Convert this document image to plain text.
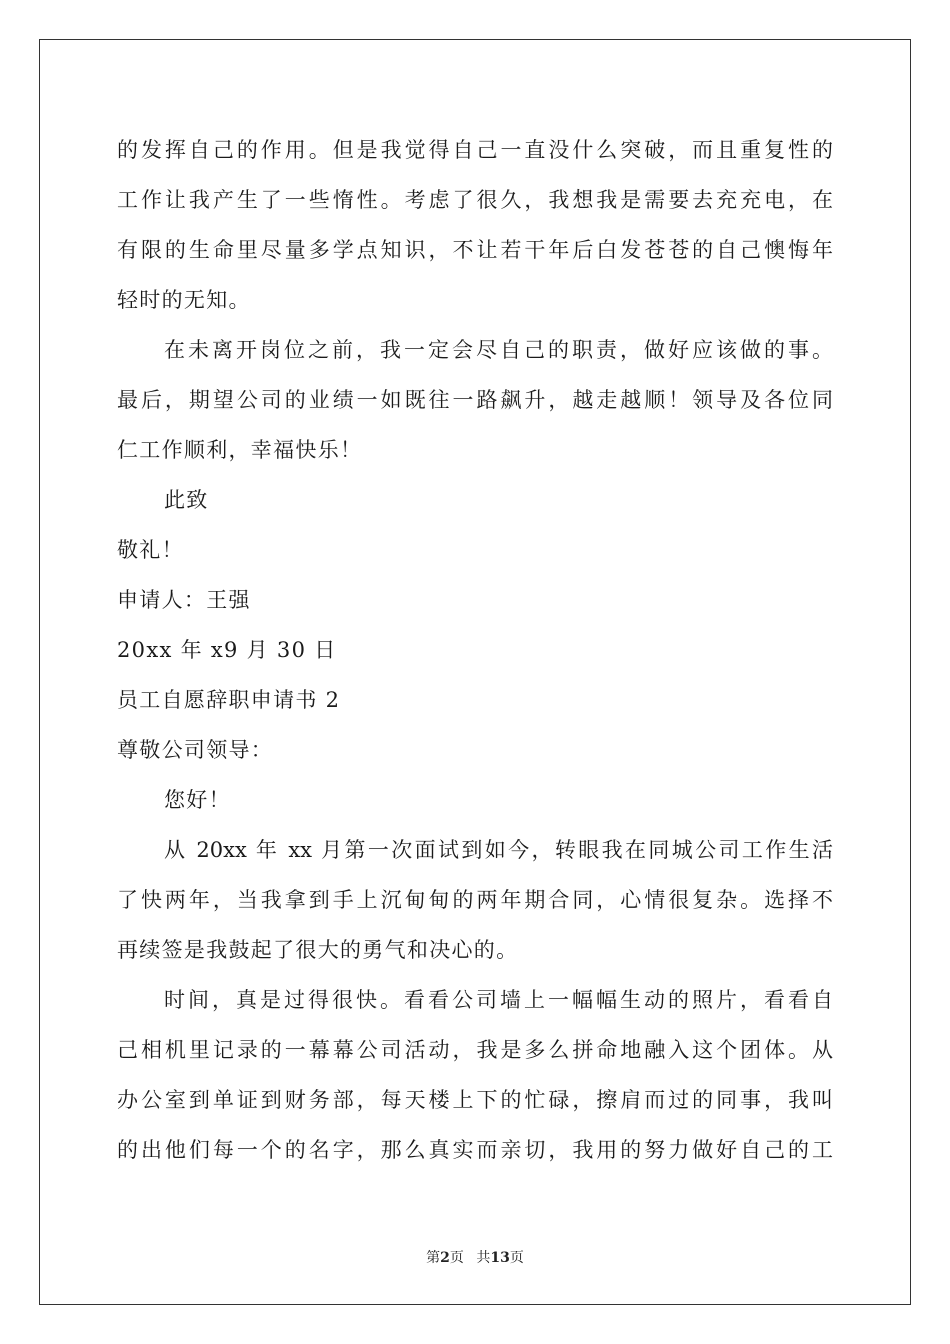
的发挥自己的作用。但是我觉得自己一直没什么突破，而且重复性的
工作让我产生了一些惰性。考虑了很久，我想我是需要去充充电，在
有限的生命里尽量多学点知识，不让若干年后白发苍苍的自己懊悔年
轻时的无知。
在未离开岗位之前，我一定会尽自己的职责，做好应该做的事。
最后，期望公司的业绩一如既往一路飙升，越走越顺！领导及各位同
仁工作顺利，幸福快乐！
此致
敬礼！
申请人：王强
20xx 年 x9 月 30 日
员工自愿辞职申请书 2
尊敬公司领导：
您好！
从 20xx 年 xx 月第一次面试到如今，转眼我在同城公司工作生活
了快两年，当我拿到手上沉甸甸的两年期合同，心情很复杂。选择不
再续签是我鼓起了很大的勇气和决心的。
时间，真是过得很快。看看公司墙上一幅幅生动的照片，看看自
己相机里记录的一幕幕公司活动，我是多么拼命地融入这个团体。从
办公室到单证到财务部，每天楼上下的忙碌，擦肩而过的同事，我叫
的出他们每一个的名字，那么真实而亲切，我用的努力做好自己的工
第2页 共13页
